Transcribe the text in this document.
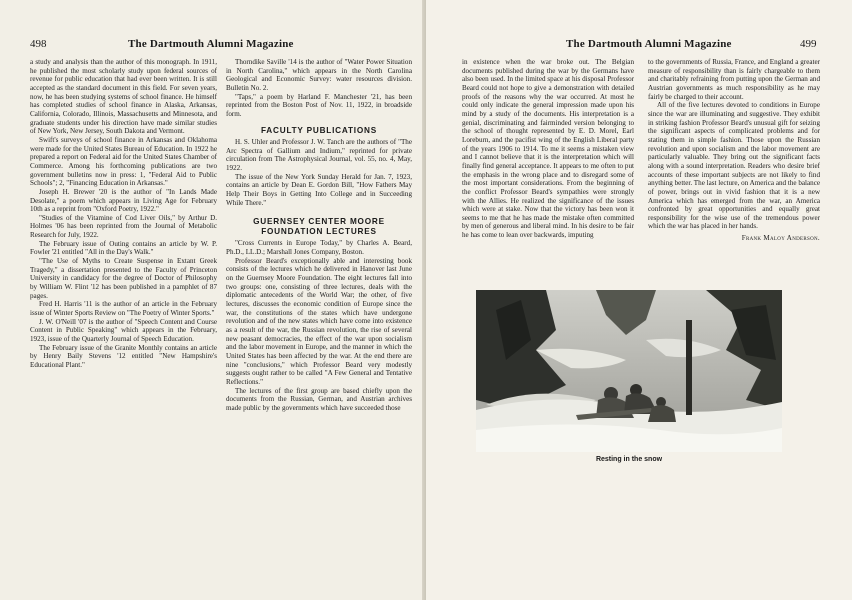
498	The Dartmouth Alumni Magazine

a study and analysis than the author of this monograph. In 1911, he published the most scholarly study upon federal sources of revenue for public education that had ever been written. It is still accepted as the standard document in this field. For seven years, now, he has been studying systems of school finance. He himself has completed studies of school finance in Alaska, Arkansas, California, Colorado, Illinois, Massachusetts and Minnesota, and graduate students under his direction have made similar studies of New York, New Jersey, South Dakota and Vermont.

Swift's surveys of school finance in Arkansas and Oklahoma were made for the United States Bureau of Education. In 1922 he prepared a report on Federal aid for the United States Chamber of Commerce. Among his forthcoming publications are two government bulletins now in press: 1, "Federal Aid to Public Schools"; 2, "Financing Education in Arkansas."

Joseph H. Brewer '20 is the author of "In Lands Made Desolate," a poem which appears in Living Age for February 10th as a reprint from "Oxford Poetry, 1922."

"Studies of the Vitamine of Cod Liver Oils," by Arthur D. Holmes '06 has been reprinted from the Journal of Metabolic Research for July, 1922.

The February issue of Outing contains an article by W. P. Fowler '21 entitled "All in the Day's Walk."

"The Use of Myths to Create Suspense in Extant Greek Tragedy," a dissertation presented to the Faculty of Princeton University in candidacy for the degree of Doctor of Philosophy by William W. Flint '12 has been published in a pamphlet of 87 pages.

Fred H. Harris '11 is the author of an article in the February issue of Winter Sports Review on "The Poetry of Winter Sports."

J. W. O'Neill '07 is the author of "Speech Content and Course Content in Public Speaking" which appears in the February, 1923, issue of the Quarterly Journal of Speech Education.

The February issue of the Granite Monthly contains an article by Henry Baily Stevens '12 entitled "New Hampshire's Educational Plant."

Thorndike Saville '14 is the author of "Water Power Situation in North Carolina," which appears in the North Carolina Geological and Economic Survey: water resources division. Bulletin No. 2.

"Taps," a poem by Harland F. Manchester '21, has been reprinted from the Boston Post of Nov. 11, 1922, in broadside form.

FACULTY PUBLICATIONS

H. S. Uhler and Professor J. W. Tanch are the authors of "The Arc Spectra of Gallium and Indium," reprinted for private circulation from The Astrophysical Journal, vol. 55, no. 4, May, 1922.

The issue of the New York Sunday Herald for Jan. 7, 1923, contains an article by Dean E. Gordon Bill, "How Fathers May Help Their Boys in Getting Into College and in Succeeding While There."

GUERNSEY CENTER MOORE
FOUNDATION LECTURES

"Cross Currents in Europe Today," by Charles A. Beard, Ph.D., LL.D.; Marshall Jones Company, Boston.

Professor Beard's exceptionally able and interesting book consists of the lectures which he delivered in Hanover last June on the Guernsey Moore Foundation. The eight lectures fall into two groups: one, consisting of three lectures, deals with the diplomatic antecedents of the World War; the other, of five lectures, discusses the economic condition of Europe since the war, the constitutions of the states which have undergone revolution and of the new states which have come into existence as a result of the war, the Russian revolution, the rise of several new peasant democracies, the effect of the war upon socialism and the labor movement in Europe, and the manner in which the United States has been affected by the war. At the end there are nine "conclusions," which Professor Beard very modestly suggests ought rather to be called "A Few General and Tentative Reflections."

The lectures of the first group are based chiefly upon the documents from the Russian, German, and Austrian archives made public by the governments which have succeeded those

The Dartmouth Alumni Magazine	499

in existence when the war broke out. The Belgian documents published during the war by the Germans have also been used. In the limited space at his disposal Professor Beard could not hope to give a demonstration with detailed proofs of the reasons why the war occurred. At most he could only indicate the general impression made upon his mind by a study of the documents. His interpretation is a genial, discriminating and fairminded version belonging to the school of thought represented by E. D. Morel, Earl Loreburn, and the pacifist wing of the English Liberal party of the years 1906 to 1914. To me it seems a mistaken view and I cannot believe that it is the interpretation which will finally find general acceptance. It appears to me often to put the emphasis in the wrong place and to disregard some of the most important considerations. From the beginning of the conflict Professor Beard's sympathies were strongly with the Allies. He realized the significance of the issues which were at stake. Now that the victory has been won it seems to me that he has made the mistake often committed by men of generous and liberal mind. In his desire to be fair he has come to lean over backwards, imputing

to the governments of Russia, France, and England a greater measure of responsibility than is fairly chargeable to them and charitably refraining from putting upon the German and Austrian governments as much responsibility as he may fairly be charged to their account.

All of the five lectures devoted to conditions in Europe since the war are illuminating and suggestive. They exhibit in striking fashion Professor Beard's unusual gift for seizing the significant aspects of complicated problems and for stating them in simple fashion. Those upon the Russian revolution and upon socialism and the labor movement are particularly valuable. They bring out the significant facts along with a sound interpretation. Readers who desire brief accounts of these important subjects are not likely to find anything better. The last lecture, on America and the balance of power, brings out in vivid fashion that it is a new America which has emerged from the war, an America confronted by great opportunities and equally great responsibility for the wise use of the tremendous power which the war has placed in her hands.

Frank Maloy Anderson.
Resting in the snow
